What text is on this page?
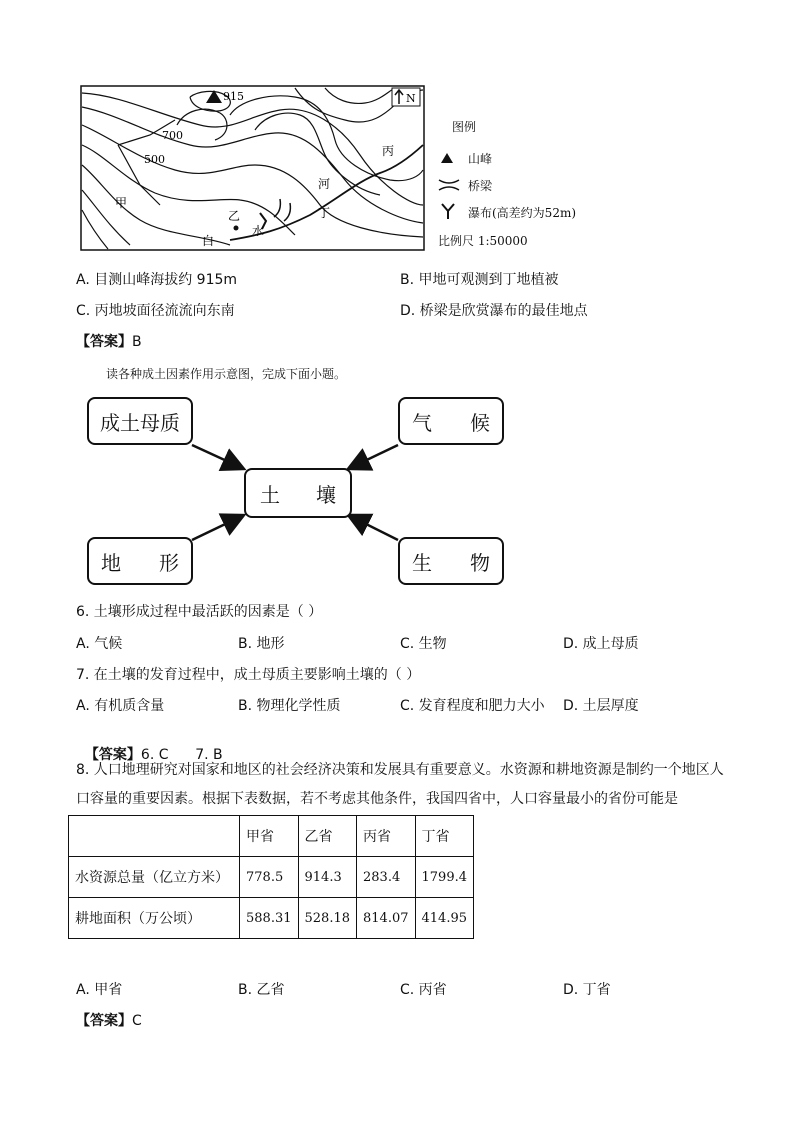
N
915
700
500
甲
乙
丙
丁
河
水
白
图例
山峰
桥梁
瀑布(高差约为52m)
比例尺 1:50000
A. 目测山峰海拔约 915m	B. 甲地可观测到丁地植被
C. 丙地坡面径流流向东南	D. 桥梁是欣赏瀑布的最佳地点
【答案】B
读各种成土因素作用示意图，完成下面小题。
成土母质	气 候
土 壤
地 形	生 物
6. 土壤形成过程中最活跃的因素是（ ）
A. 气候	B. 地形	C. 生物	D. 成上母质
7. 在土壤的发育过程中，成土母质主要影响土壤的（ ）
A. 有机质含量	B. 物理化学性质	C. 发育程度和肥力大小 D. 土层厚度

【答案】6. C      7. B

8. 人口地理研究对国家和地区的社会经济决策和发展具有重要意义。水资源和耕地资源是制约一个地区人
口容量的重要因素。根据下表数据，若不考虑其他条件，我国四省中，人口容量最小的省份可能是
	甲省	乙省	丙省	丁省
水资源总量（亿立方米）	778.5	914.3	283.4	1799.4
耕地面积（万公顷）	588.31	528.18	814.07	414.95
A. 甲省	B. 乙省	C. 丙省	D. 丁省
【答案】C
